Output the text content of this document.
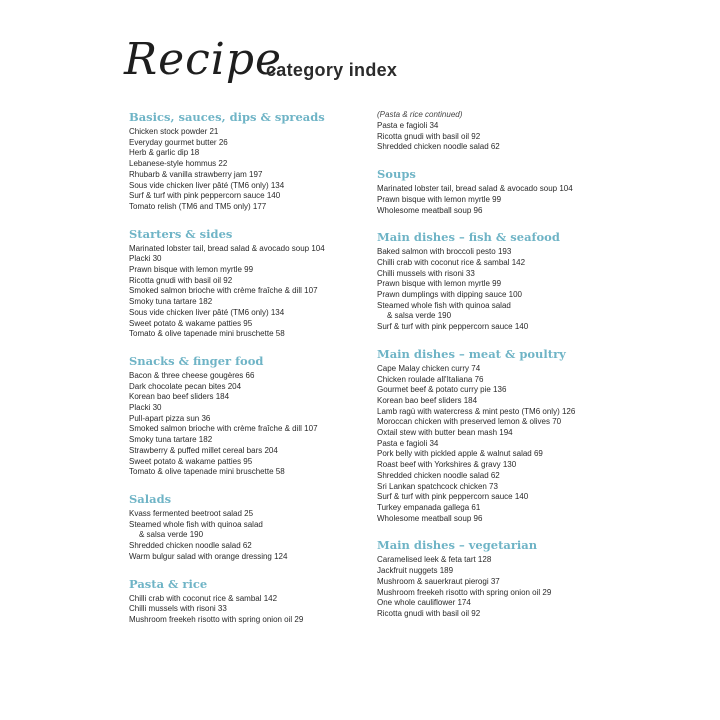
Recipe
category index
Basics, sauces, dips & spreads
Chicken stock powder 21
Everyday gourmet butter 26
Herb & garlic dip 18
Lebanese-style hommus 22
Rhubarb & vanilla strawberry jam 197
Sous vide chicken liver pâté (TM6 only) 134
Surf & turf with pink peppercorn sauce 140
Tomato relish (TM6 and TM5 only) 177
Starters & sides
Marinated lobster tail, bread salad & avocado soup 104
Placki 30
Prawn bisque with lemon myrtle 99
Ricotta gnudi with basil oil 92
Smoked salmon brioche with crème fraîche & dill 107
Smoky tuna tartare 182
Sous vide chicken liver pâté (TM6 only) 134
Sweet potato & wakame patties 95
Tomato & olive tapenade mini bruschette 58
Snacks & finger food
Bacon & three cheese gougères 66
Dark chocolate pecan bites 204
Korean bao beef sliders 184
Placki 30
Pull-apart pizza sun 36
Smoked salmon brioche with crème fraîche & dill 107
Smoky tuna tartare 182
Strawberry & puffed millet cereal bars 204
Sweet potato & wakame patties 95
Tomato & olive tapenade mini bruschette 58
Salads
Kvass fermented beetroot salad 25
Steamed whole fish with quinoa salad
& salsa verde 190
Shredded chicken noodle salad 62
Warm bulgur salad with orange dressing 124
Pasta & rice
Chilli crab with coconut rice & sambal 142
Chilli mussels with risoni 33
Mushroom freekeh risotto with spring onion oil 29
(Pasta & rice continued)
Pasta e fagioli 34
Ricotta gnudi with basil oil 92
Shredded chicken noodle salad 62
Soups
Marinated lobster tail, bread salad & avocado soup 104
Prawn bisque with lemon myrtle 99
Wholesome meatball soup 96
Main dishes – fish & seafood
Baked salmon with broccoli pesto 193
Chilli crab with coconut rice & sambal 142
Chilli mussels with risoni 33
Prawn bisque with lemon myrtle 99
Prawn dumplings with dipping sauce 100
Steamed whole fish with quinoa salad
& salsa verde 190
Surf & turf with pink peppercorn sauce 140
Main dishes – meat & poultry
Cape Malay chicken curry 74
Chicken roulade all'Italiana 76
Gourmet beef & potato curry pie 136
Korean bao beef sliders 184
Lamb ragù with watercress & mint pesto (TM6 only) 126
Moroccan chicken with preserved lemon & olives 70
Oxtail stew with butter bean mash 194
Pasta e fagioli 34
Pork belly with pickled apple & walnut salad 69
Roast beef with Yorkshires & gravy 130
Shredded chicken noodle salad 62
Sri Lankan spatchcock chicken 73
Surf & turf with pink peppercorn sauce 140
Turkey empanada gallega 61
Wholesome meatball soup 96
Main dishes – vegetarian
Caramelised leek & feta tart 128
Jackfruit nuggets 189
Mushroom & sauerkraut pierogi 37
Mushroom freekeh risotto with spring onion oil 29
One whole cauliflower 174
Ricotta gnudi with basil oil 92
